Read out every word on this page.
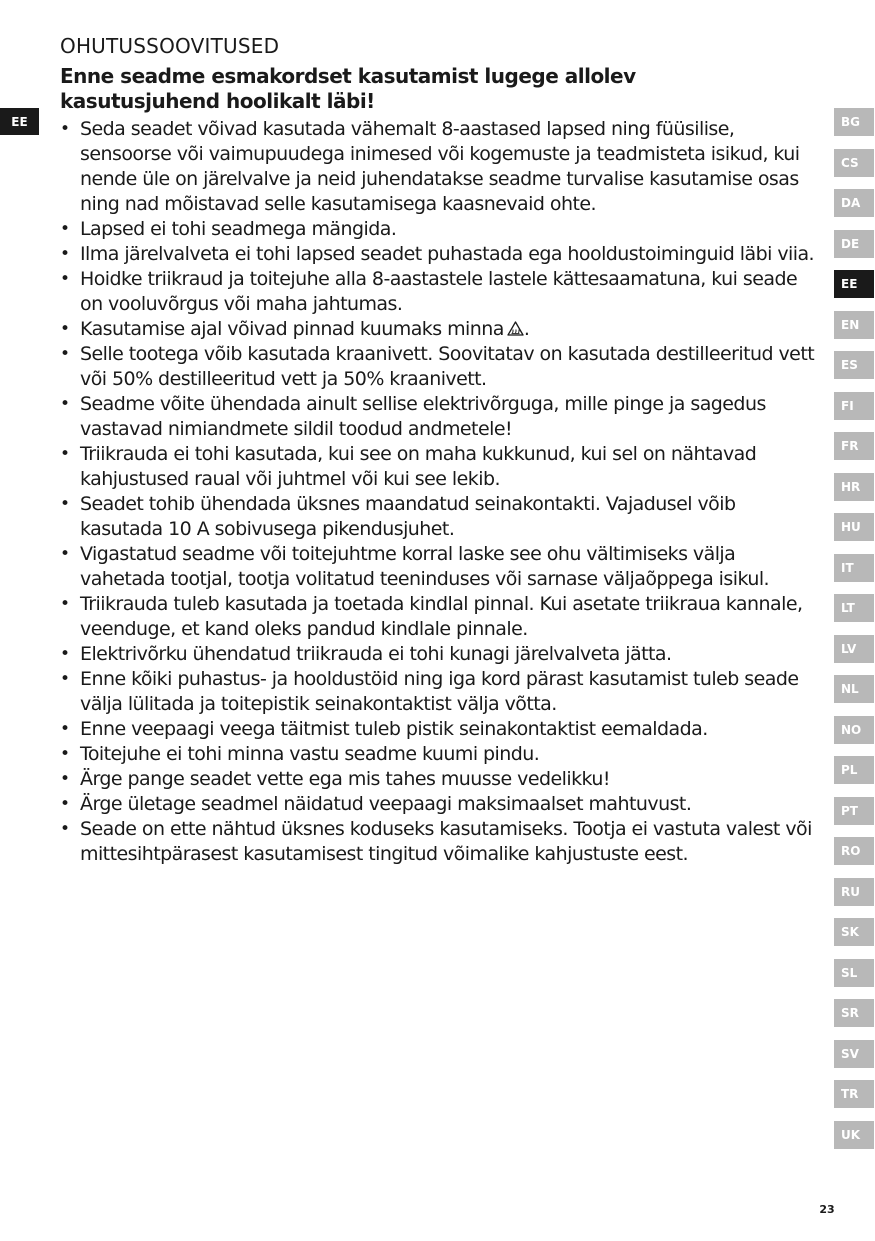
EE
OHUTUSSOOVITUSED

Enne seadme esmakordset kasutamist lugege allolev kasutusjuhend hoolikalt läbi!

• Seda seadet võivad kasutada vähemalt 8-aastased lapsed ning füüsilise, sensoorse või vaimupuudega inimesed või kogemuste ja teadmisteta isikud, kui nende üle on järelvalve ja neid juhendatakse seadme turvalise kasutamise osas ning nad mõistavad selle kasutamisega kaasnevaid ohte.
• Lapsed ei tohi seadmega mängida.
• Ilma järelvalveta ei tohi lapsed seadet puhastada ega hooldustoiminguid läbi viia.
• Hoidke triikraud ja toitejuhe alla 8-aastastele lastele kättesaamatuna, kui seade on vooluvõrgus või maha jahtumas.
• Kasutamise ajal võivad pinnad kuumaks minna .
• Selle tootega võib kasutada kraanivett. Soovitatav on kasutada destilleeritud vett või 50% destilleeritud vett ja 50% kraanivett.
• Seadme võite ühendada ainult sellise elektrivõrguga, mille pinge ja sagedus vastavad nimiandmete sildil toodud andmetele!
• Triikrauda ei tohi kasutada, kui see on maha kukkunud, kui sel on nähtavad kahjustused raual või juhtmel või kui see lekib.
• Seadet tohib ühendada üksnes maandatud seinakontakti. Vajadusel võib kasutada 10 A sobivusega pikendusjuhet.
• Vigastatud seadme või toitejuhtme korral laske see ohu vältimiseks välja vahetada tootjal, tootja volitatud teeninduses või sarnase väljaõppega isikul.
• Triikrauda tuleb kasutada ja toetada kindlal pinnal. Kui asetate triikraua kannale, veenduge, et kand oleks pandud kindlale pinnale.
• Elektrivõrku ühendatud triikrauda ei tohi kunagi järelvalveta jätta.
• Enne kõiki puhastus- ja hooldustöid ning iga kord pärast kasutamist tuleb seade välja lülitada ja toitepistik seinakontaktist välja võtta.
• Enne veepaagi veega täitmist tuleb pistik seinakontaktist eemaldada.
• Toitejuhe ei tohi minna vastu seadme kuumi pindu.
• Ärge pange seadet vette ega mis tahes muusse vedelikku!
• Ärge ületage seadmel näidatud veepaagi maksimaalset mahtuvust.
• Seade on ette nähtud üksnes koduseks kasutamiseks. Tootja ei vastuta valest või mittesihtpärasest kasutamisest tingitud võimalike kahjustuste eest.
BG
CS
DA
DE
EE
EN
ES
FI
FR
HR
HU
IT
LT
LV
NL
NO
PL
PT
RO
RU
SK
SL
SR
SV
TR
UK
23
